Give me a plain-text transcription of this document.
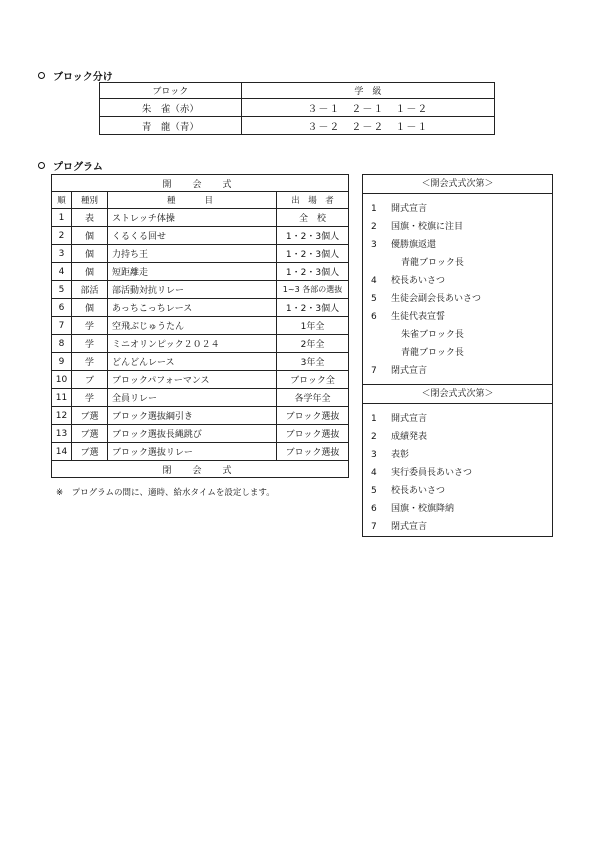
ブロック分け
ブロック	学　級
朱　雀（赤）	３－１　２－１　１－２
青　龍（青）	３－２　２－２　１－１
プログラム
開　会　式			
順	種別	種　　目	出　場　者
1	表	ストレッチ体操	全　校
2	個	くるくる回せ	1・2・3個人
3	個	力持ち王	1・2・3個人
4	個	短距離走	1・2・3個人
5	部活	部活動対抗リレー	1~3 各部の選抜
6	個	あっちこっちレース	1・2・3個人
7	学	空飛ぶじゅうたん	1年全
8	学	ミニオリンピック２０２４	2年全
9	学	どんどんレース	3年全
10	ブ	ブロックパフォーマンス	ブロック全
11	学	全員リレー	各学年全
12	ブ選	ブロック選抜綱引き	ブロック選抜
13	ブ選	ブロック選抜長縄跳び	ブロック選抜
14	ブ選	ブロック選抜リレー	ブロック選抜
閉　会　式			
※　プログラムの間に、適時、給水タイムを設定します。
＜開会式式次第＞
1	開式宣言
2	国旗・校旗に注目
3	優勝旗返還
青龍ブロック長
4	校長あいさつ
5	生徒会副会長あいさつ
6	生徒代表宣誓
朱雀ブロック長
青龍ブロック長
7	閉式宣言
＜閉会式式次第＞
1	開式宣言
2	成績発表
3	表彰
4	実行委員長あいさつ
5	校長あいさつ
6	国旗・校旗降納
7	閉式宣言
